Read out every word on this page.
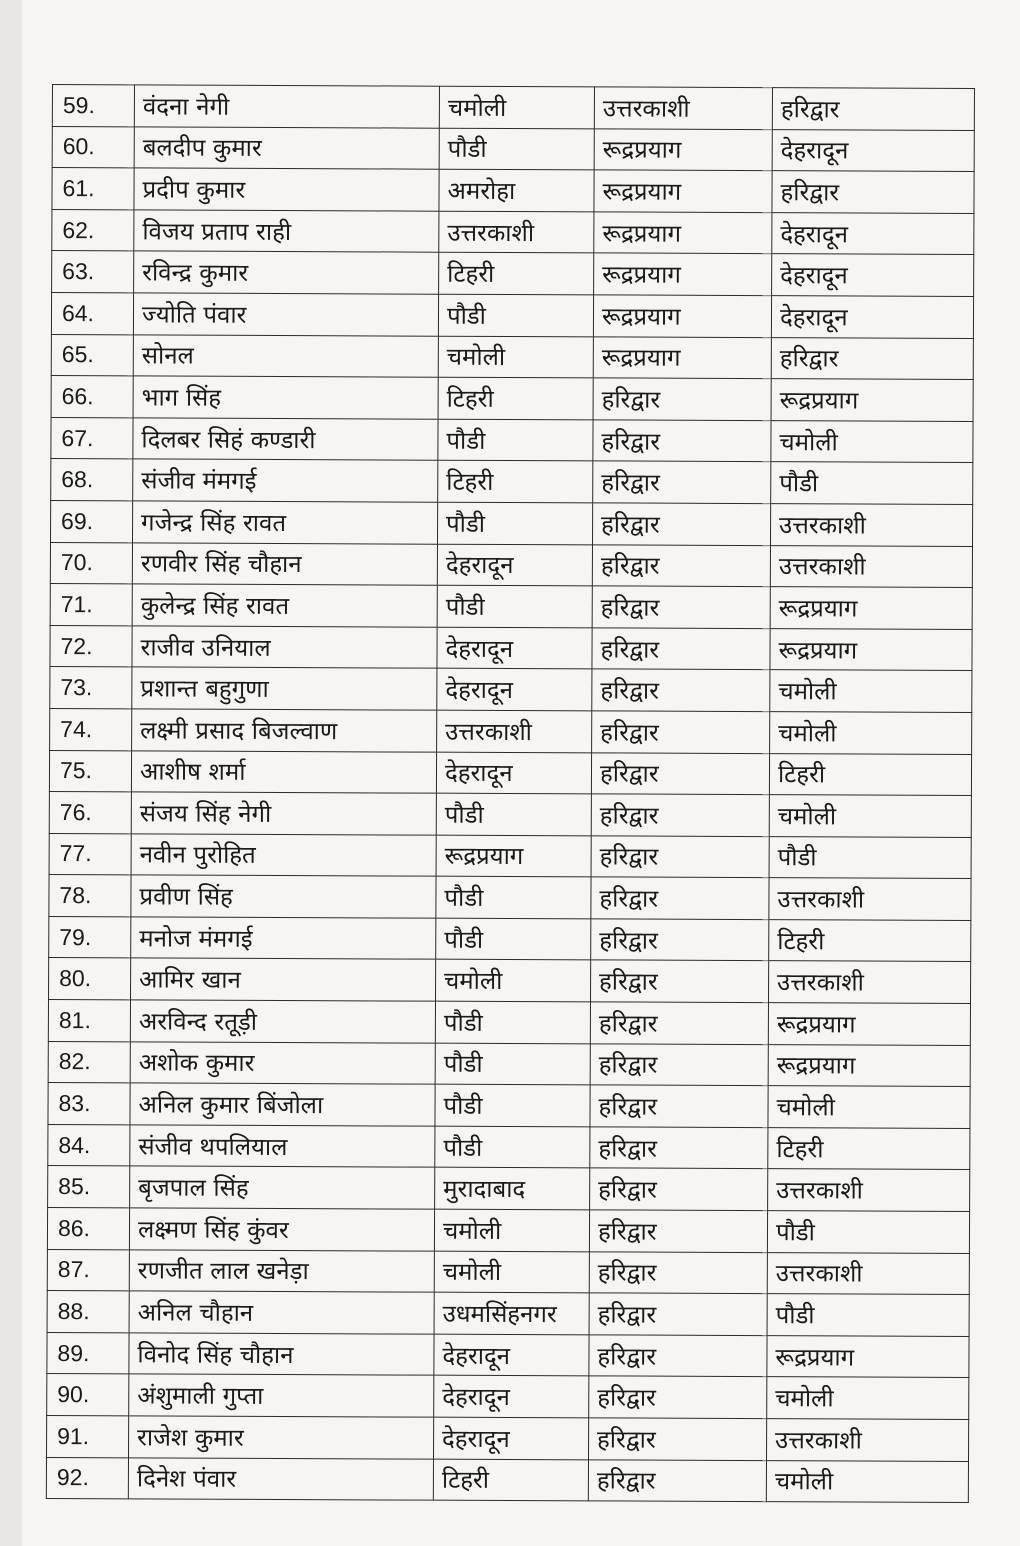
59.	वंदना नेगी	चमोली	उत्तरकाशी	हरिद्वार
60.	बलदीप कुमार	पौडी	रूद्रप्रयाग	देहरादून
61.	प्रदीप कुमार	अमरोहा	रूद्रप्रयाग	हरिद्वार
62.	विजय प्रताप राही	उत्तरकाशी	रूद्रप्रयाग	देहरादून
63.	रविन्द्र कुमार	टिहरी	रूद्रप्रयाग	देहरादून
64.	ज्योति पंवार	पौडी	रूद्रप्रयाग	देहरादून
65.	सोनल	चमोली	रूद्रप्रयाग	हरिद्वार
66.	भाग सिंह	टिहरी	हरिद्वार	रूद्रप्रयाग
67.	दिलबर सिहं कण्डारी	पौडी	हरिद्वार	चमोली
68.	संजीव मंमगई	टिहरी	हरिद्वार	पौडी
69.	गजेन्द्र सिंह रावत	पौडी	हरिद्वार	उत्तरकाशी
70.	रणवीर सिंह चौहान	देहरादून	हरिद्वार	उत्तरकाशी
71.	कुलेन्द्र सिंह रावत	पौडी	हरिद्वार	रूद्रप्रयाग
72.	राजीव उनियाल	देहरादून	हरिद्वार	रूद्रप्रयाग
73.	प्रशान्त बहुगुणा	देहरादून	हरिद्वार	चमोली
74.	लक्ष्मी प्रसाद बिजल्वाण	उत्तरकाशी	हरिद्वार	चमोली
75.	आशीष शर्मा	देहरादून	हरिद्वार	टिहरी
76.	संजय सिंह नेगी	पौडी	हरिद्वार	चमोली
77.	नवीन पुरोहित	रूद्रप्रयाग	हरिद्वार	पौडी
78.	प्रवीण सिंह	पौडी	हरिद्वार	उत्तरकाशी
79.	मनोज मंमगई	पौडी	हरिद्वार	टिहरी
80.	आमिर खान	चमोली	हरिद्वार	उत्तरकाशी
81.	अरविन्द रतूड़ी	पौडी	हरिद्वार	रूद्रप्रयाग
82.	अशोक कुमार	पौडी	हरिद्वार	रूद्रप्रयाग
83.	अनिल कुमार बिंजोला	पौडी	हरिद्वार	चमोली
84.	संजीव थपलियाल	पौडी	हरिद्वार	टिहरी
85.	बृजपाल सिंह	मुरादाबाद	हरिद्वार	उत्तरकाशी
86.	लक्ष्मण सिंह कुंवर	चमोली	हरिद्वार	पौडी
87.	रणजीत लाल खनेड़ा	चमोली	हरिद्वार	उत्तरकाशी
88.	अनिल चौहान	उधमसिंहनगर	हरिद्वार	पौडी
89.	विनोद सिंह चौहान	देहरादून	हरिद्वार	रूद्रप्रयाग
90.	अंशुमाली गुप्ता	देहरादून	हरिद्वार	चमोली
91.	राजेश कुमार	देहरादून	हरिद्वार	उत्तरकाशी
92.	दिनेश पंवार	टिहरी	हरिद्वार	चमोली
